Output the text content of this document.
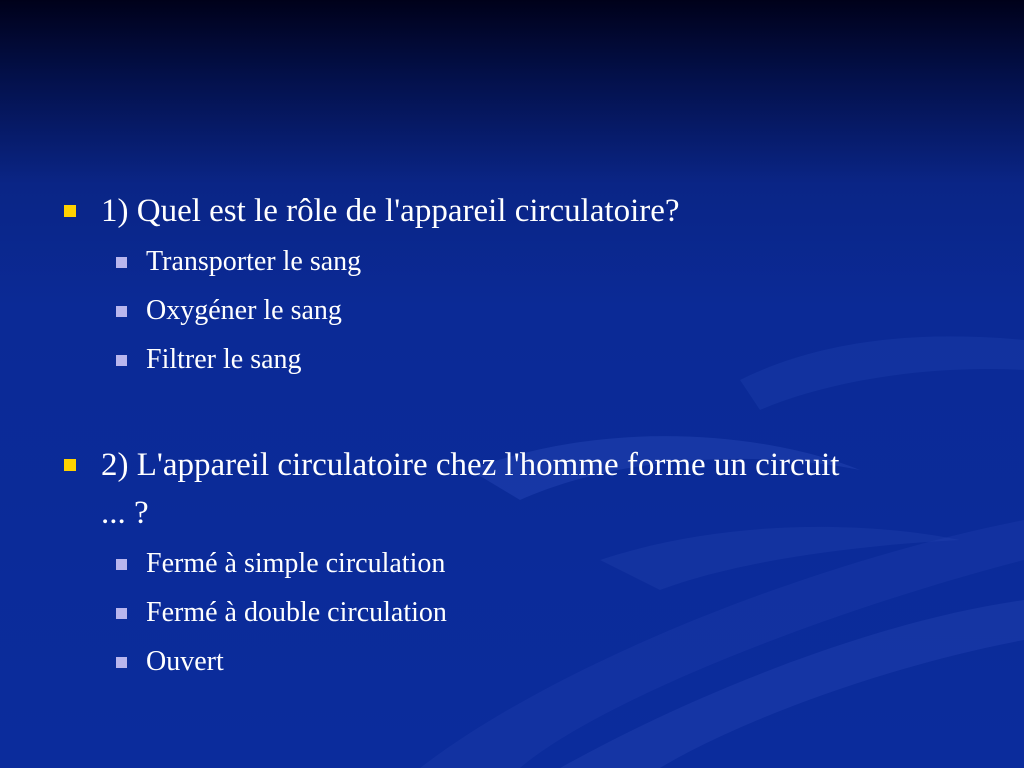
1) Quel est le rôle de l'appareil circulatoire?
Transporter le sang
Oxygéner le sang
Filtrer le sang
2) L'appareil circulatoire chez l'homme forme un circuit
... ?
Fermé à simple circulation
Fermé à double circulation
Ouvert
